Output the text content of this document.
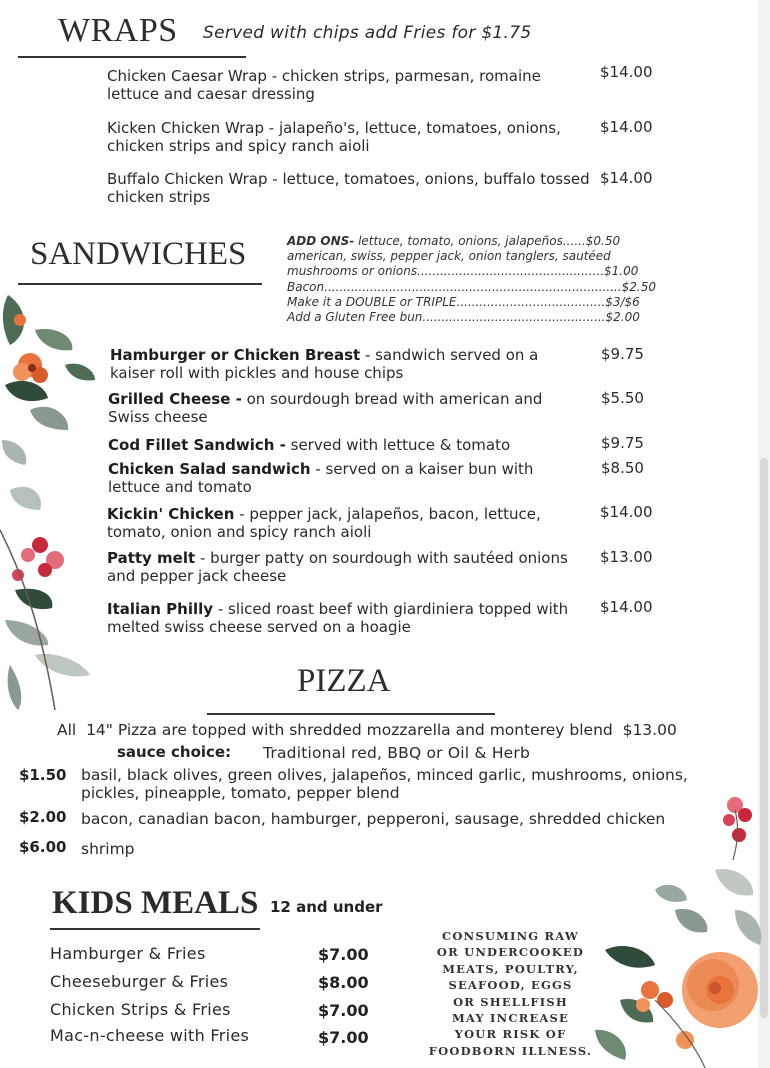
WRAPS Served with chips add Fries for $1.75
Chicken Caesar Wrap - chicken strips, parmesan, romaine lettuce and caesar dressing
$14.00
Kicken Chicken Wrap - jalapeño's, lettuce, tomatoes, onions, chicken strips and spicy ranch aioli
$14.00
Buffalo Chicken Wrap - lettuce, tomatoes, onions, buffalo tossed chicken strips
$14.00
SANDWICHES	ADD ONS- lettuce, tomato, onions, jalapeños......$0.50
american, swiss, pepper jack, onion tanglers, sautéed
mushrooms or onions.................................................$1.00
Bacon..............................................................................$2.50
Make it a DOUBLE or TRIPLE.......................................$3/$6
Add a Gluten Free bun................................................$2.00
Hamburger or Chicken Breast - sandwich served on a kaiser roll with pickles and house chips
$9.75
Grilled Cheese - on sourdough bread with american and Swiss cheese
$5.50
Cod Fillet Sandwich - served with lettuce & tomato	$9.75
Chicken Salad sandwich - served on a kaiser bun with lettuce and tomato
$8.50
Kickin' Chicken - pepper jack, jalapeños, bacon, lettuce, tomato, onion and spicy ranch aioli
$14.00
Patty melt - burger patty on sourdough with sautéed onions and pepper jack cheese
$13.00
Italian Philly - sliced roast beef with giardiniera topped with melted swiss cheese served on a hoagie
$14.00
PIZZA
All  14" Pizza are topped with shredded mozzarella and monterey blend  $13.00
sauce choice: Traditional red, BBQ or Oil & Herb
$1.50 basil, black olives, green olives, jalapeños, minced garlic, mushrooms, onions, pickles, pineapple, tomato, pepper blend
$2.00 bacon, canadian bacon, hamburger, pepperoni, sausage, shredded chicken
$6.00 shrimp
KIDS MEALS 12 and under
Hamburger & Fries	$7.00
Cheeseburger & Fries	$8.00
Chicken Strips & Fries	$7.00
Mac-n-cheese with Fries	$7.00
CONSUMING RAW
OR UNDERCOOKED
MEATS, POULTRY,
SEAFOOD, EGGS
OR SHELLFISH
MAY INCREASE
YOUR RISK OF
FOODBORN ILLNESS.
